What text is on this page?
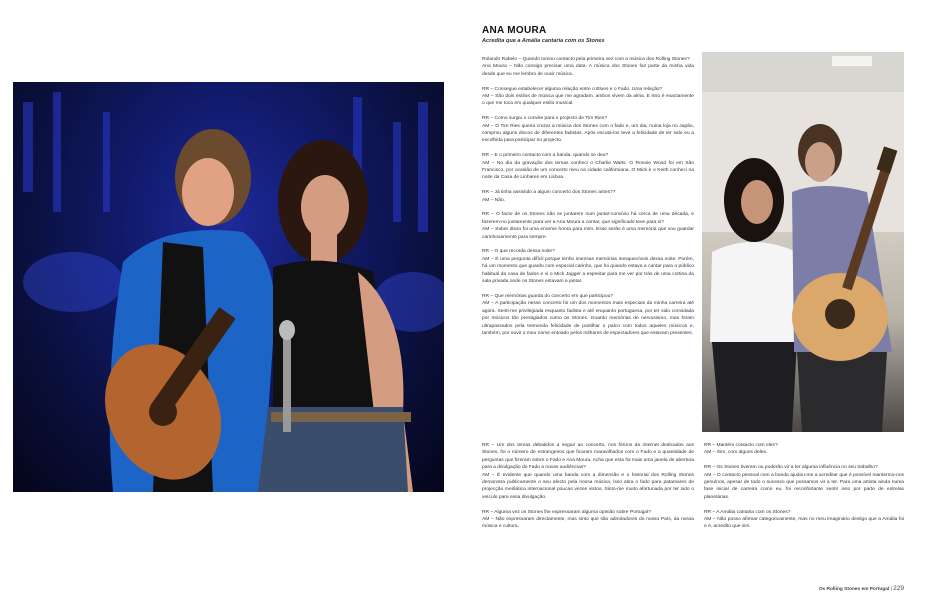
ANA MOURA
Acredita que a Amália cantaria com os Stones

Rolando Rabelo – Quando tomou contacto pela primeira vez com a música dos Rolling Stones?
Ana Moura – Não consigo precisar uma data. A música dos Stones faz parte da minha vida desde que eu me lembro de ouvir música.

RR – Consegue estabelecer alguma relação entre o Blues e o Fado. Uma relação?
AM – São dois estilos de música que me agradam, ambos vivem da alma. E isso é exactamente o que me toca em qualquer estilo musical.

RR – Como surgiu o convite para o projecto de Tim Ries?
AM – O Tim Ries queria cruzar a música dos Stones com o fado e, um dia, numa loja no Japão, comprou alguns discos de diferentes fadistas. Após escutá-los teve a felicidade de ter sido eu a escolhida para participar no projecto.

RR – E o primeiro contacto com a banda, quando se deu?
AM – No dia da gravação dos temas conheci o Charlie Watts. O Ronnie Wood foi em São Francisco, por ocasião de um concerto meu na cidade californiana. O Mick e o Keith conheci na noite da Casa de Linhares em Lisboa.

RR – Já tinha assistido a algum concerto dos Stones antes??
AM – Não.

RR – O facto de os Stones não se juntarem num jantar-convívio há cerca de uma década, e fazerem-no justamente para ver a Ana Moura a cantar, que significado teve para si?
AM – Saber disso foi uma enorme honra para mim. Esse serão é uma memória que vou guardar carinhosamente para sempre.

RR – O que recorda dessa noite?
AM – É uma pergunta difícil porque tenho imensas memórias inesquecíveis dessa noite. Porém, há um momento que guardo com especial carinho, que foi quando estava a cantar para o público habitual da casa de fados e vi o Mick Jagger a espreitar para me ver por trás de uma cortina da sala privada onde os Stones estavam a jantar.

RR – Que memórias guarda do concerto em que participou?
AM – A participação nesse concerto foi um dos momentos mais especiais da minha carreira até agora. Senti-me privilegiada enquanto fadista e até enquanto portuguesa, por ter sido convidada por músicos tão prestigiados como os Stones. Guardo memórias de nervosismo, mas foram ultrapassados pela tremenda felicidade de partilhar o palco com todos aqueles músicos e, também, por ouvir o meu nome entoado pelos milhares de espectadores que estavam presentes.

RR – Um dos temas debatidos a seguir ao concerto, nos fóruns da internet dedicados aos Stones, foi o número de estrangeiros que ficaram maravilhados com o Fado e a quantidade de perguntas que fizeram sobre o Fado e Ana Moura. Acha que esta foi mais uma janela de abertura para a divulgação do Fado a novas audiências?
AM – É evidente que quando uma banda com a dimensão e o historial dos Rolling Stones demonstra publicamente o seu afecto pela nossa música, isso atira o fado para patamares de projecção mediática internacional poucas vezes vistos. Sinto-me muito afortunada por ter sido o veículo para essa divulgação.

RR – Alguma vez os Stones lhe expressaram alguma opinião sobre Portugal?
AM – Não expressaram directamente, mas sinto que são admiradores do nosso País, da nossa música e cultura.

RR – Mantém contacto com eles?
AM – Sim, com alguns deles.

RR – Os Stones tiveram ou poderão vir a ter alguma influência no seu trabalho?
AM – O contacto pessoal com a banda ajudou-me a acreditar que é possível mantermo-nos genuínos, apesar de todo o sucesso que possamos vir a ter. Para uma artista ainda numa fase inicial de carreira como eu, foi reconfortante sentir isso por parte de estrelas planetárias.

RR – A Amália cantaria com os Stones?
AM – Não posso afirmar categoricamente, mas no meu imaginário desligo que a Amália foi e é, acredito que sim.

Os Rolling Stones em Portugal | 229
